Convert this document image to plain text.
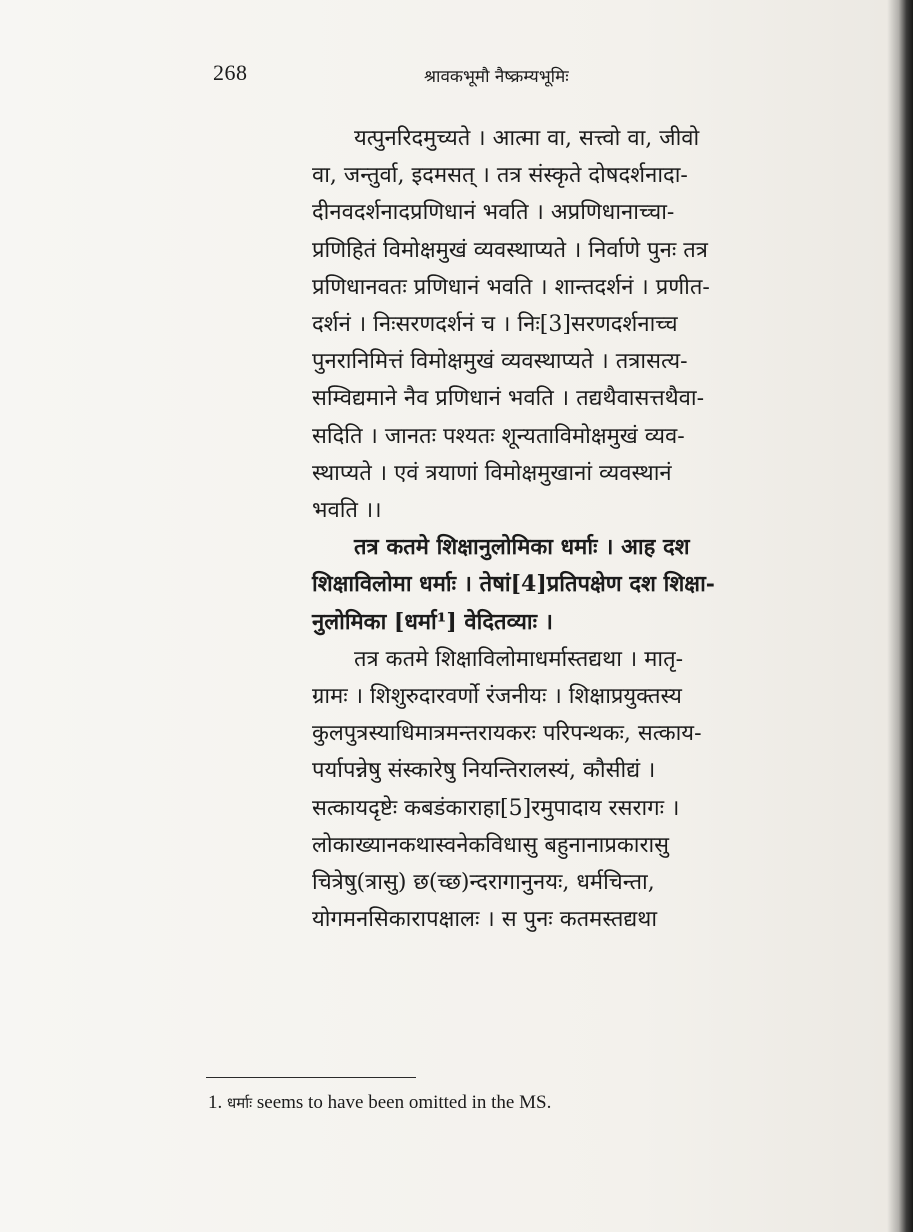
268	श्रावकभूमौ नैष्क्रम्यभूमिः

यत्पुनरिदमुच्यते । आत्मा वा, सत्त्वो वा, जीवो
वा, जन्तुर्वा, इदमसत् । तत्र संस्कृते दोषदर्शनादा-
दीनवदर्शनादप्रणिधानं भवति । अप्रणिधानाच्चा-
प्रणिहितं विमोक्षमुखं व्यवस्थाप्यते । निर्वाणे पुनः तत्र
प्रणिधानवतः प्रणिधानं भवति । शान्तदर्शनं । प्रणीत-
दर्शनं । निःसरणदर्शनं च । निः[3]सरणदर्शनाच्च
पुनरानिमित्तं विमोक्षमुखं व्यवस्थाप्यते । तत्रासत्य-
सम्विद्यमाने नैव प्रणिधानं भवति । तद्यथैवासत्तथैवा-
सदिति । जानतः पश्यतः शून्यताविमोक्षमुखं व्यव-
स्थाप्यते । एवं त्रयाणां विमोक्षमुखानां व्यवस्थानं
भवति ।।

तत्र कतमे शिक्षानुलोमिका धर्माः । आह दश
शिक्षाविलोमा धर्माः । तेषां[4]प्रतिपक्षेण दश शिक्षा-
नुलोमिका [धर्मा¹] वेदितव्याः ।

तत्र कतमे शिक्षाविलोमाधर्मास्तद्यथा । मातृ-
ग्रामः । शिशुरुदारवर्णो रंजनीयः । शिक्षाप्रयुक्तस्य
कुलपुत्रस्याधिमात्रमन्तरायकरः परिपन्थकः, सत्काय-
पर्यापन्नेषु संस्कारेषु नियन्तिरालस्यं, कौसीद्यं ।
सत्कायदृष्टेः कबडंकाराहा[5]रमुपादाय रसरागः ।
लोकाख्यानकथास्वनेकविधासु बहुनानाप्रकारासु
चित्रेषु(त्रासु) छ(च्छ)न्दरागानुनयः, धर्मचिन्ता,
योगमनसिकारापक्षालः । स पुनः कतमस्तद्यथा

1. धर्माः seems to have been omitted in the MS.
